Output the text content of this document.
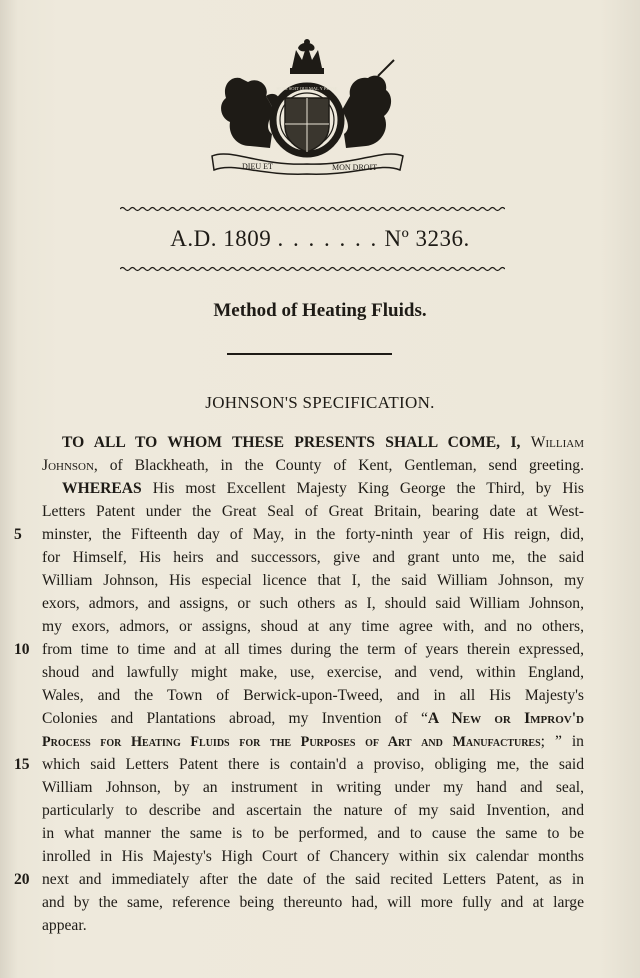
DIEU ET	MON DROIT
HONI SOIT QUI MAL Y PENSE
A.D. 1809 . . . . . . . Nº 3236.
Method of Heating Fluids.
JOHNSON'S SPECIFICATION.
TO ALL TO WHOM THESE PRESENTS SHALL COME, I, William
Johnson, of Blackheath, in the County of Kent, Gentleman, send greeting.
WHEREAS His most Excellent Majesty King George the Third, by His
Letters Patent under the Great Seal of Great Britain, bearing date at West-
5	minster, the Fifteenth day of May, in the forty-ninth year of His reign, did,
for Himself, His heirs and successors, give and grant unto me, the said
William Johnson, His especial licence that I, the said William Johnson, my
exors, admors, and assigns, or such others as I, should said William Johnson,
my exors, admors, or assigns, shoud at any time agree with, and no others,
10 from time to time and at all times during the term of years therein expressed,
shoud and lawfully might make, use, exercise, and vend, within England,
Wales, and the Town of Berwick-upon-Tweed, and in all His Majesty's
Colonies and Plantations abroad, my Invention of “A New or Improv'd
Process for Heating Fluids for the Purposes of Art and Manufactures; ” in
15 which said Letters Patent there is contain'd a proviso, obliging me, the said
William Johnson, by an instrument in writing under my hand and seal,
particularly to describe and ascertain the nature of my said Invention, and
in what manner the same is to be performed, and to cause the same to be
inrolled in His Majesty's High Court of Chancery within six calendar months
20 next and immediately after the date of the said recited Letters Patent, as in
and by the same, reference being thereunto had, will more fully and at large
appear.
